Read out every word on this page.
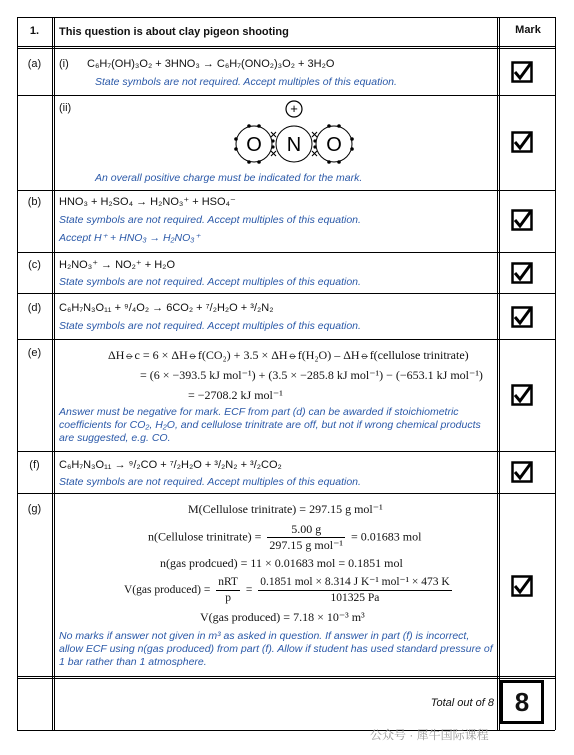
1.	This question is about clay pigeon shooting	Mark
(a)	(i) C₆H₇(OH)₃O₂ + 3HNO₃ → C₆H₇(ONO₂)₃O₂ + 3H₂O
State symbols are not required. Accept multiples of this equation.
(ii)	+
O N O
An overall positive charge must be indicated for the mark.
(b)	HNO₃ + H₂SO₄ → H₂NO₃⁺ + HSO₄⁻
State symbols are not required. Accept multiples of this equation.
Accept H⁺ + HNO₃ → H₂NO₃⁺
(c)	H₂NO₃⁺ → NO₂⁺ + H₂O
State symbols are not required. Accept multiples of this equation.
(d)	C₆H₇N₃O₁₁ + ⁹/₄O₂ → 6CO₂ + ⁷/₂H₂O + ³/₂N₂
State symbols are not required. Accept multiples of this equation.
(e)	ΔH⦵c = 6 × ΔH⦵f(CO₂) + 3.5 × ΔH⦵f(H₂O) – ΔH⦵f(cellulose trinitrate)
= (6 × −393.5 kJ mol⁻¹) + (3.5 × −285.8 kJ mol⁻¹) − (−653.1 kJ mol⁻¹)
= −2708.2 kJ mol⁻¹
Answer must be negative for mark. ECF from part (d) can be awarded if stoichiometric coefficients for CO₂, H₂O, and cellulose trinitrate are off, but not if wrong chemical products are suggested, e.g. CO.
(f)	C₆H₇N₃O₁₁ → ⁹/₂CO + ⁷/₂H₂O + ³/₂N₂ + ³/₂CO₂
State symbols are not required. Accept multiples of this equation.
(g)	M(Cellulose trinitrate) = 297.15 g mol⁻¹
n(Cellulose trinitrate) = $\frac{5.00 g}{\text{297.15 g mol⁻¹}} = 0.01683$ mol
n(gas prodcued) = 11 × 0.01683 mol = 0.1851 mol
V(gas produced) = $\frac{\text{nRT}}{p} = \frac{\text{0.1851 mol × 8.314 J K⁻¹ mol⁻¹ × 473 K}}{101325 Pa}$
V(gas produced) = 7.18 × 10⁻³ m³
No marks if answer not given in m³ as asked in question. If answer in part (f) is incorrect, allow ECF using n(gas produced) from part (f). Allow if student has used standard pressure of 1 bar rather than 1 atmosphere.
Total out of 8 8
公众号 · 犀牛国际课程
